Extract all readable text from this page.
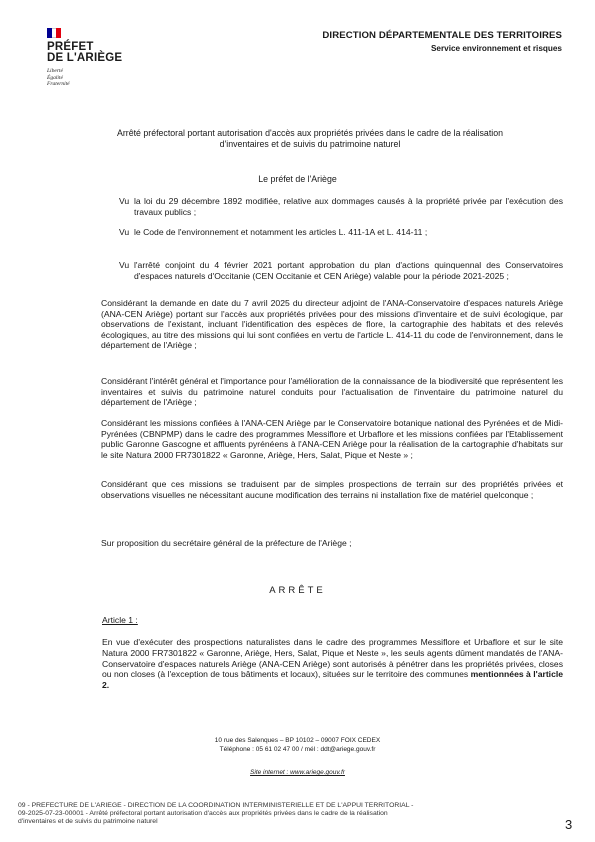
PRÉFET
DE L'ARIÈGE
Liberté
Égalité
Fraternité
DIRECTION DÉPARTEMENTALE DES TERRITOIRES
Service environnement et risques
Arrêté préfectoral portant autorisation d'accès aux propriétés privées dans le cadre de la réalisation
d'inventaires et de suivis du patrimoine naturel
Le préfet de l'Ariège
Vu la loi du 29 décembre 1892 modifiée, relative aux dommages causés à la propriété privée par l'exécution des travaux publics ;
Vu le Code de l'environnement et notamment les articles L. 411-1A et L. 414-11 ;
Vu l'arrêté conjoint du 4 février 2021 portant approbation du plan d'actions quinquennal des Conservatoires d'espaces naturels d'Occitanie (CEN Occitanie et CEN Ariège) valable pour la période 2021-2025 ;
Considérant la demande en date du 7 avril 2025 du directeur adjoint de l'ANA-Conservatoire d'espaces naturels Ariège (ANA-CEN Ariège) portant sur l'accès aux propriétés privées pour des missions d'inventaire et de suivi écologique, par observations de l'existant, incluant l'identification des espèces de flore, la cartographie des habitats et des relevés écologiques, au titre des missions qui lui sont confiées en vertu de l'article L. 414-11 du code de l'environnement, dans le département de l'Ariège ;
Considérant l'intérêt général et l'importance pour l'amélioration de la connaissance de la biodiversité que représentent les inventaires et suivis du patrimoine naturel conduits pour l'actualisation de l'inventaire du patrimoine naturel du département de l'Ariège ;
Considérant les missions confiées à l'ANA-CEN Ariège par le Conservatoire botanique national des Pyrénées et de Midi-Pyrénées (CBNPMP) dans le cadre des programmes Messiflore et Urbaflore et les missions confiées par l'Etablissement public Garonne Gascogne et affluents pyrénéens à l'ANA-CEN Ariège pour la réalisation de la cartographie d'habitats sur le site Natura 2000 FR7301822 « Garonne, Ariège, Hers, Salat, Pique et Neste » ;
Considérant que ces missions se traduisent par de simples prospections de terrain sur des propriétés privées et observations visuelles ne nécessitant aucune modification des terrains ni installation fixe de matériel quelconque ;
Sur proposition du secrétaire général de la préfecture de l'Ariège ;
ARRÊTE
Article 1 :
En vue d'exécuter des prospections naturalistes dans le cadre des programmes Messiflore et Urbaflore et sur le site Natura 2000 FR7301822 « Garonne, Ariège, Hers, Salat, Pique et Neste », les seuls agents dûment mandatés de l'ANA-Conservatoire d'espaces naturels Ariège (ANA-CEN Ariège) sont autorisés à pénétrer dans les propriétés privées, closes ou non closes (à l'exception de tous bâtiments et locaux), situées sur le territoire des communes mentionnées à l'article 2.
10 rue des Salenques – BP 10102 – 09007 FOIX CEDEX
Téléphone : 05 61 02 47 00 / mél : ddt@ariege.gouv.fr
Site internet : www.ariege.gouv.fr
09 - PREFECTURE DE L'ARIEGE - DIRECTION DE LA COORDINATION INTERMINISTERIELLE ET DE L'APPUI TERRITORIAL -
09-2025-07-23-00001 - Arrêté préfectoral portant autorisation d'accès aux propriétés privées dans le cadre de la réalisation
d'inventaires et de suivis du patrimoine naturel	3
